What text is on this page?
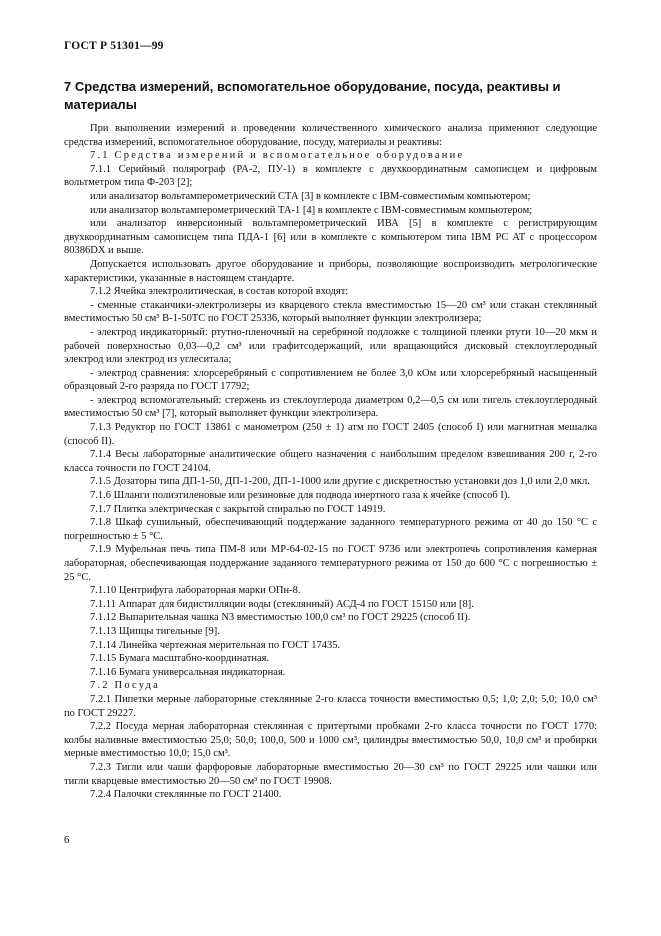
ГОСТ Р 51301—99
7 Средства измерений, вспомогательное оборудование, посуда, реактивы и материалы

При выполнении измерений и проведении количественного химического анализа применяют следующие средства измерений, вспомогательное оборудование, посуду, материалы и реактивы:

7.1 Средства измерений и вспомогательное оборудование

7.1.1 Серийный полярограф (PA-2, ПУ-1) в комплекте с двухкоординатным самописцем и цифровым вольтметром типа Ф-203 [2];

или анализатор вольтамперометрический СТА [3] в комплекте с IBM-совместимым компьютером;

или анализатор вольтамперометрический ТА-1 [4] в комплекте с IBM-совместимым компьютером;

или анализатор инверсионный вольтамперометрический ИВА [5] в комплекте с регистрирующим двухкоординатным самописцем типа ПДА-1 [6] или в комплекте с компьютером типа IBM PC AT с процессором 80386DX и выше.

Допускается использовать другое оборудование и приборы, позволяющие воспроизводить метрологические характеристики, указанные в настоящем стандарте.

7.1.2 Ячейка электролитическая, в состав которой входят:

- сменные стаканчики-электролизеры из кварцевого стекла вместимостью 15—20 см³ или стакан стеклянный вместимостью 50 см³ В-1-50ТС по ГОСТ 25336, который выполняет функции электролизера;

- электрод индикаторный: ртутно-пленочный на серебряной подложке с толщиной пленки ртути 10—20 мкм и рабочей поверхностью 0,03—0,2 см³ или графитсодержащий, или вращающийся дисковый стеклоуглеродный электрод или электрод из углеситала;

- электрод сравнения: хлорсеребряный с сопротивлением не более 3,0 кОм или хлорсеребряный насыщенный образцовый 2-го разряда по ГОСТ 17792;

- электрод вспомогательный: стержень из стеклоуглерода диаметром 0,2—0,5 см или тигель стеклоуглеродный вместимостью 50 см³ [7], который выполняет функции электролизера.

7.1.3 Редуктор по ГОСТ 13861 с манометром (250 ± 1) атм по ГОСТ 2405 (способ I) или магнитная мешалка (способ II).

7.1.4 Весы лабораторные аналитические общего назначения с наибольшим пределом взвешивания 200 г, 2-го класса точности по ГОСТ 24104.

7.1.5 Дозаторы типа ДП-1-50, ДП-1-200, ДП-1-1000 или другие с дискретностью установки доз 1,0 или 2,0 мкл.

7.1.6 Шланги полиэтиленовые или резиновые для подвода инертного газа к ячейке (способ I).

7.1.7 Плитка электрическая с закрытой спиралью по ГОСТ 14919.

7.1.8 Шкаф сушильный, обеспечивающий поддержание заданного температурного режима от 40 до 150 °С с погрешностью ± 5 °С.

7.1.9 Муфельная печь типа ПМ-8 или МР-64-02-15 по ГОСТ 9736 или электропечь сопротивления камерная лабораторная, обеспечивающая поддержание заданного температурного режима от 150 до 600 °С с погрешностью ± 25 °С.

7.1.10 Центрифуга лабораторная марки ОПн-8.

7.1.11 Аппарат для бидистилляции воды (стеклянный) АСД-4 по ГОСТ 15150 или [8].

7.1.12 Выпарительная чашка N3 вместимостью 100,0 см³ по ГОСТ 29225 (способ II).

7.1.13 Щипцы тигельные [9].

7.1.14 Линейка чертежная мерительная по ГОСТ 17435.

7.1.15 Бумага масштабно-координатная.

7.1.16 Бумага универсальная индикаторная.

7.2 Посуда

7.2.1 Пипетки мерные лабораторные стеклянные 2-го класса точности вместимостью 0,5; 1,0; 2,0; 5,0; 10,0 см³ по ГОСТ 29227.

7.2.2 Посуда мерная лабораторная стеклянная с притертыми пробками 2-го класса точности по ГОСТ 1770: колбы наливные вместимостью 25,0; 50,0; 100,0, 500 и 1000 см³, цилиндры вместимостью 50,0, 10,0 см³ и пробирки мерные вместимостью 10,0; 15,0 см³.

7.2.3 Тигли или чаши фарфоровые лабораторные вместимостью 20—30 см³ по ГОСТ 29225 или чашки или тигли кварцевые вместимостью 20—50 см³ по ГОСТ 19908.

7.2.4 Палочки стеклянные по ГОСТ 21400.

6
